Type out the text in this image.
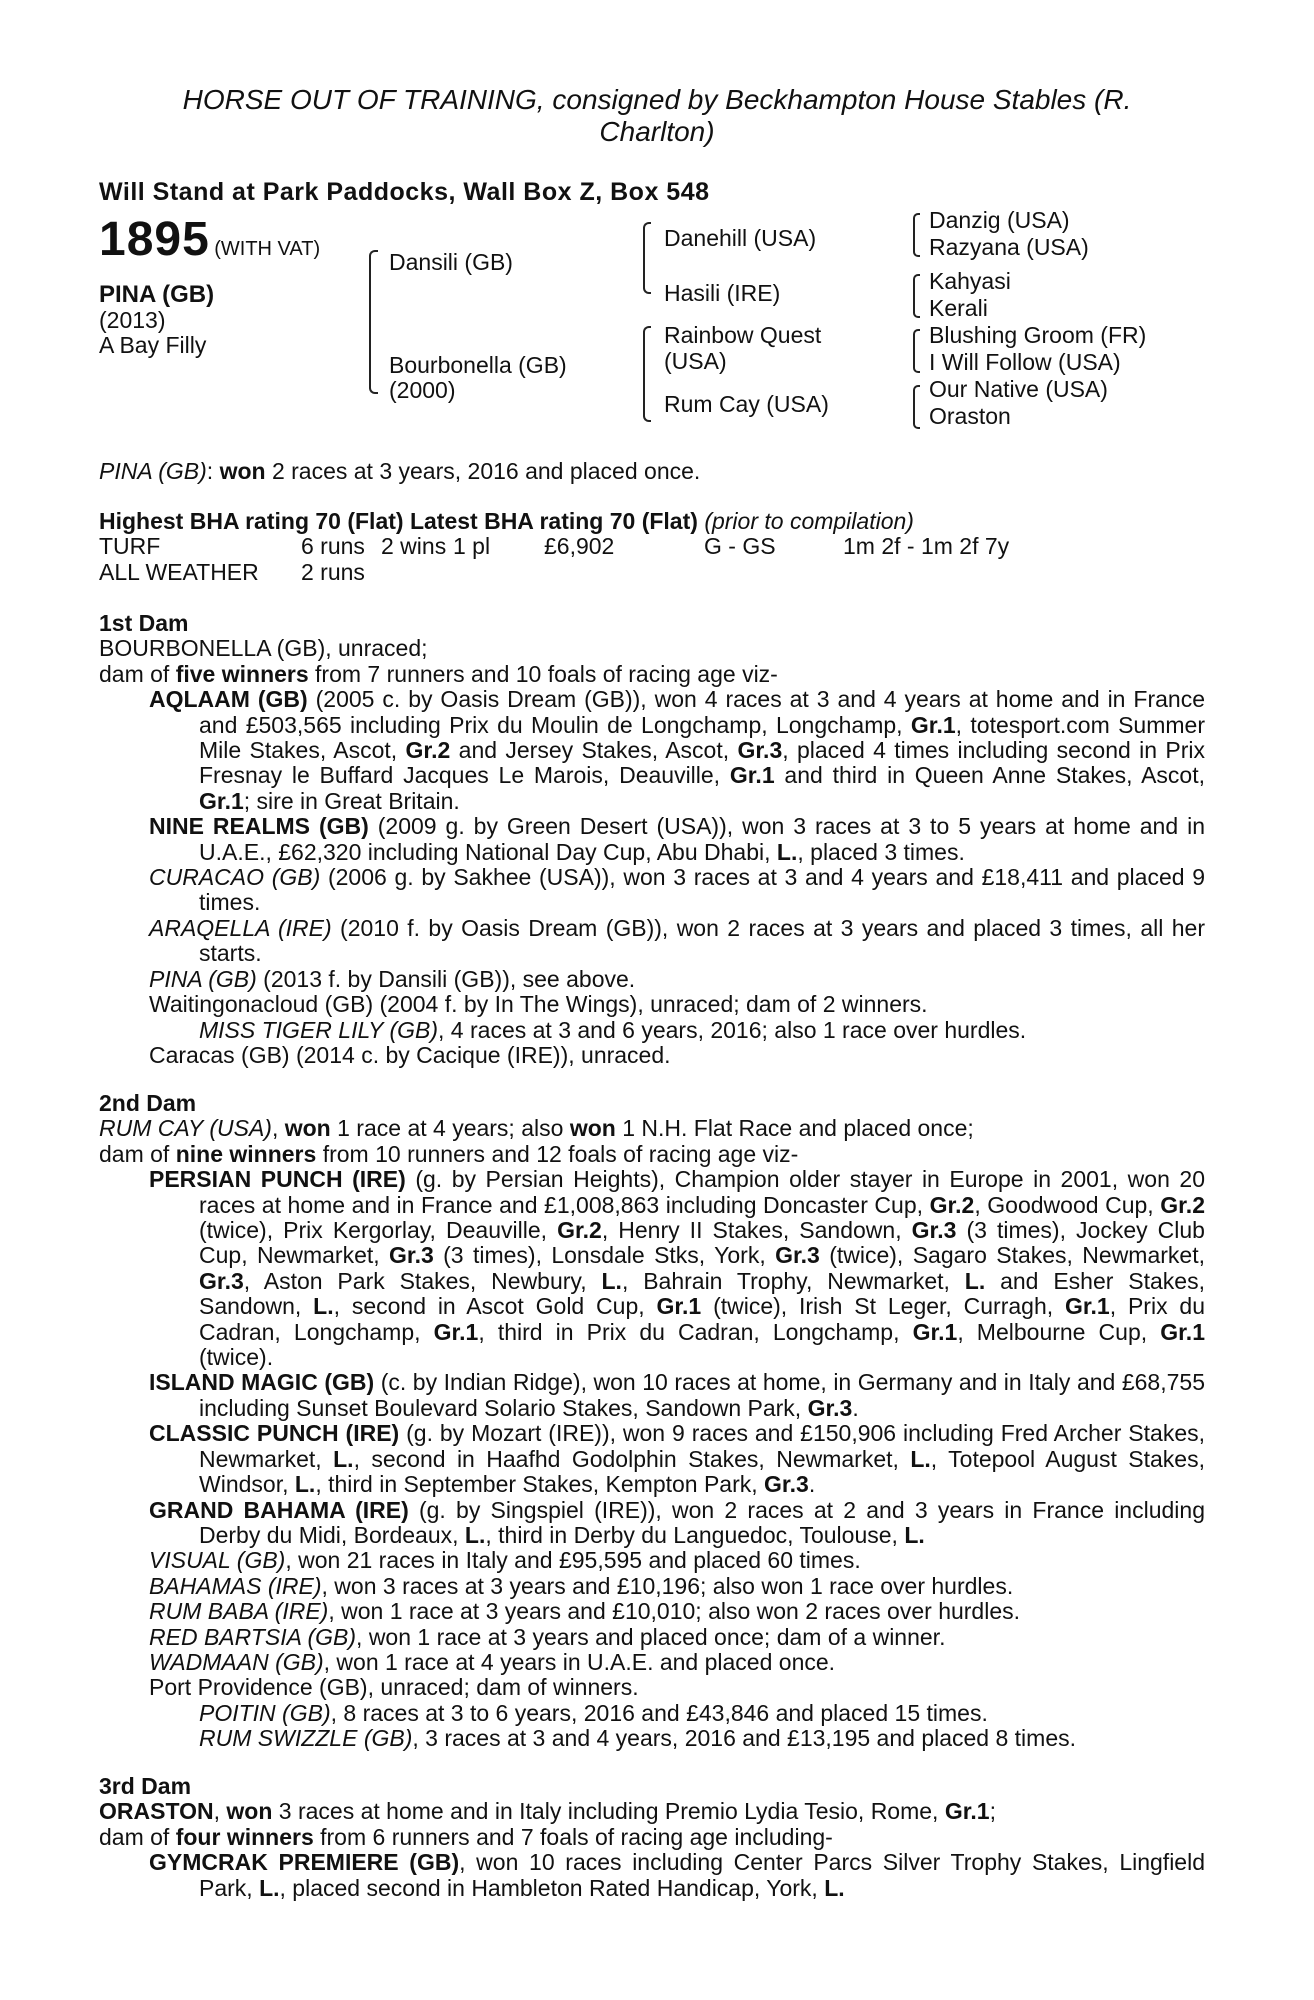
HORSE OUT OF TRAINING, consigned by Beckhampton House Stables (R.
Charlton)
Will Stand at Park Paddocks, Wall Box Z, Box 548
1895 (WITH VAT)
PINA (GB)
(2013)
A Bay Filly
Dansili (GB)
Bourbonella (GB)
(2000)
Danehill (USA)
Hasili (IRE)
Rainbow Quest
(USA)
Rum Cay (USA)
Danzig (USA)
Razyana (USA)
Kahyasi
Kerali
Blushing Groom (FR)
I Will Follow (USA)
Our Native (USA)
Oraston
PINA (GB): won 2 races at 3 years, 2016 and placed once.
Highest BHA rating 70 (Flat) Latest BHA rating 70 (Flat) (prior to compilation)
TURF	6 runs 2 wins 1 pl	£6,902	G - GS	1m 2f - 1m 2f 7y
ALL WEATHER	2 runs
1st Dam
BOURBONELLA (GB), unraced;
dam of five winners from 7 runners and 10 foals of racing age viz-
AQLAAM (GB) (2005 c. by Oasis Dream (GB)), won 4 races at 3 and 4 years at home and in France and £503,565 including Prix du Moulin de Longchamp, Longchamp, Gr.1, totesport.com Summer Mile Stakes, Ascot, Gr.2 and Jersey Stakes, Ascot, Gr.3, placed 4 times including second in Prix Fresnay le Buffard Jacques Le Marois, Deauville, Gr.1 and third in Queen Anne Stakes, Ascot, Gr.1; sire in Great Britain.
NINE REALMS (GB) (2009 g. by Green Desert (USA)), won 3 races at 3 to 5 years at home and in U.A.E., £62,320 including National Day Cup, Abu Dhabi, L., placed 3 times.
CURACAO (GB) (2006 g. by Sakhee (USA)), won 3 races at 3 and 4 years and £18,411 and placed 9 times.
ARAQELLA (IRE) (2010 f. by Oasis Dream (GB)), won 2 races at 3 years and placed 3 times, all her starts.
PINA (GB) (2013 f. by Dansili (GB)), see above.
Waitingonacloud (GB) (2004 f. by In The Wings), unraced; dam of 2 winners.
MISS TIGER LILY (GB), 4 races at 3 and 6 years, 2016; also 1 race over hurdles.
Caracas (GB) (2014 c. by Cacique (IRE)), unraced.
2nd Dam
RUM CAY (USA), won 1 race at 4 years; also won 1 N.H. Flat Race and placed once;
dam of nine winners from 10 runners and 12 foals of racing age viz-
PERSIAN PUNCH (IRE) (g. by Persian Heights), Champion older stayer in Europe in 2001, won 20 races at home and in France and £1,008,863 including Doncaster Cup, Gr.2, Goodwood Cup, Gr.2 (twice), Prix Kergorlay, Deauville, Gr.2, Henry II Stakes, Sandown, Gr.3 (3 times), Jockey Club Cup, Newmarket, Gr.3 (3 times), Lonsdale Stks, York, Gr.3 (twice), Sagaro Stakes, Newmarket, Gr.3, Aston Park Stakes, Newbury, L., Bahrain Trophy, Newmarket, L. and Esher Stakes, Sandown, L., second in Ascot Gold Cup, Gr.1 (twice), Irish St Leger, Curragh, Gr.1, Prix du Cadran, Longchamp, Gr.1, third in Prix du Cadran, Longchamp, Gr.1, Melbourne Cup, Gr.1 (twice).
ISLAND MAGIC (GB) (c. by Indian Ridge), won 10 races at home, in Germany and in Italy and £68,755 including Sunset Boulevard Solario Stakes, Sandown Park, Gr.3.
CLASSIC PUNCH (IRE) (g. by Mozart (IRE)), won 9 races and £150,906 including Fred Archer Stakes, Newmarket, L., second in Haafhd Godolphin Stakes, Newmarket, L., Totepool August Stakes, Windsor, L., third in September Stakes, Kempton Park, Gr.3.
GRAND BAHAMA (IRE) (g. by Singspiel (IRE)), won 2 races at 2 and 3 years in France including Derby du Midi, Bordeaux, L., third in Derby du Languedoc, Toulouse, L.
VISUAL (GB), won 21 races in Italy and £95,595 and placed 60 times.
BAHAMAS (IRE), won 3 races at 3 years and £10,196; also won 1 race over hurdles.
RUM BABA (IRE), won 1 race at 3 years and £10,010; also won 2 races over hurdles.
RED BARTSIA (GB), won 1 race at 3 years and placed once; dam of a winner.
WADMAAN (GB), won 1 race at 4 years in U.A.E. and placed once.
Port Providence (GB), unraced; dam of winners.
POITIN (GB), 8 races at 3 to 6 years, 2016 and £43,846 and placed 15 times.
RUM SWIZZLE (GB), 3 races at 3 and 4 years, 2016 and £13,195 and placed 8 times.
3rd Dam
ORASTON, won 3 races at home and in Italy including Premio Lydia Tesio, Rome, Gr.1;
dam of four winners from 6 runners and 7 foals of racing age including-
GYMCRAK PREMIERE (GB), won 10 races including Center Parcs Silver Trophy Stakes, Lingfield Park, L., placed second in Hambleton Rated Handicap, York, L.
